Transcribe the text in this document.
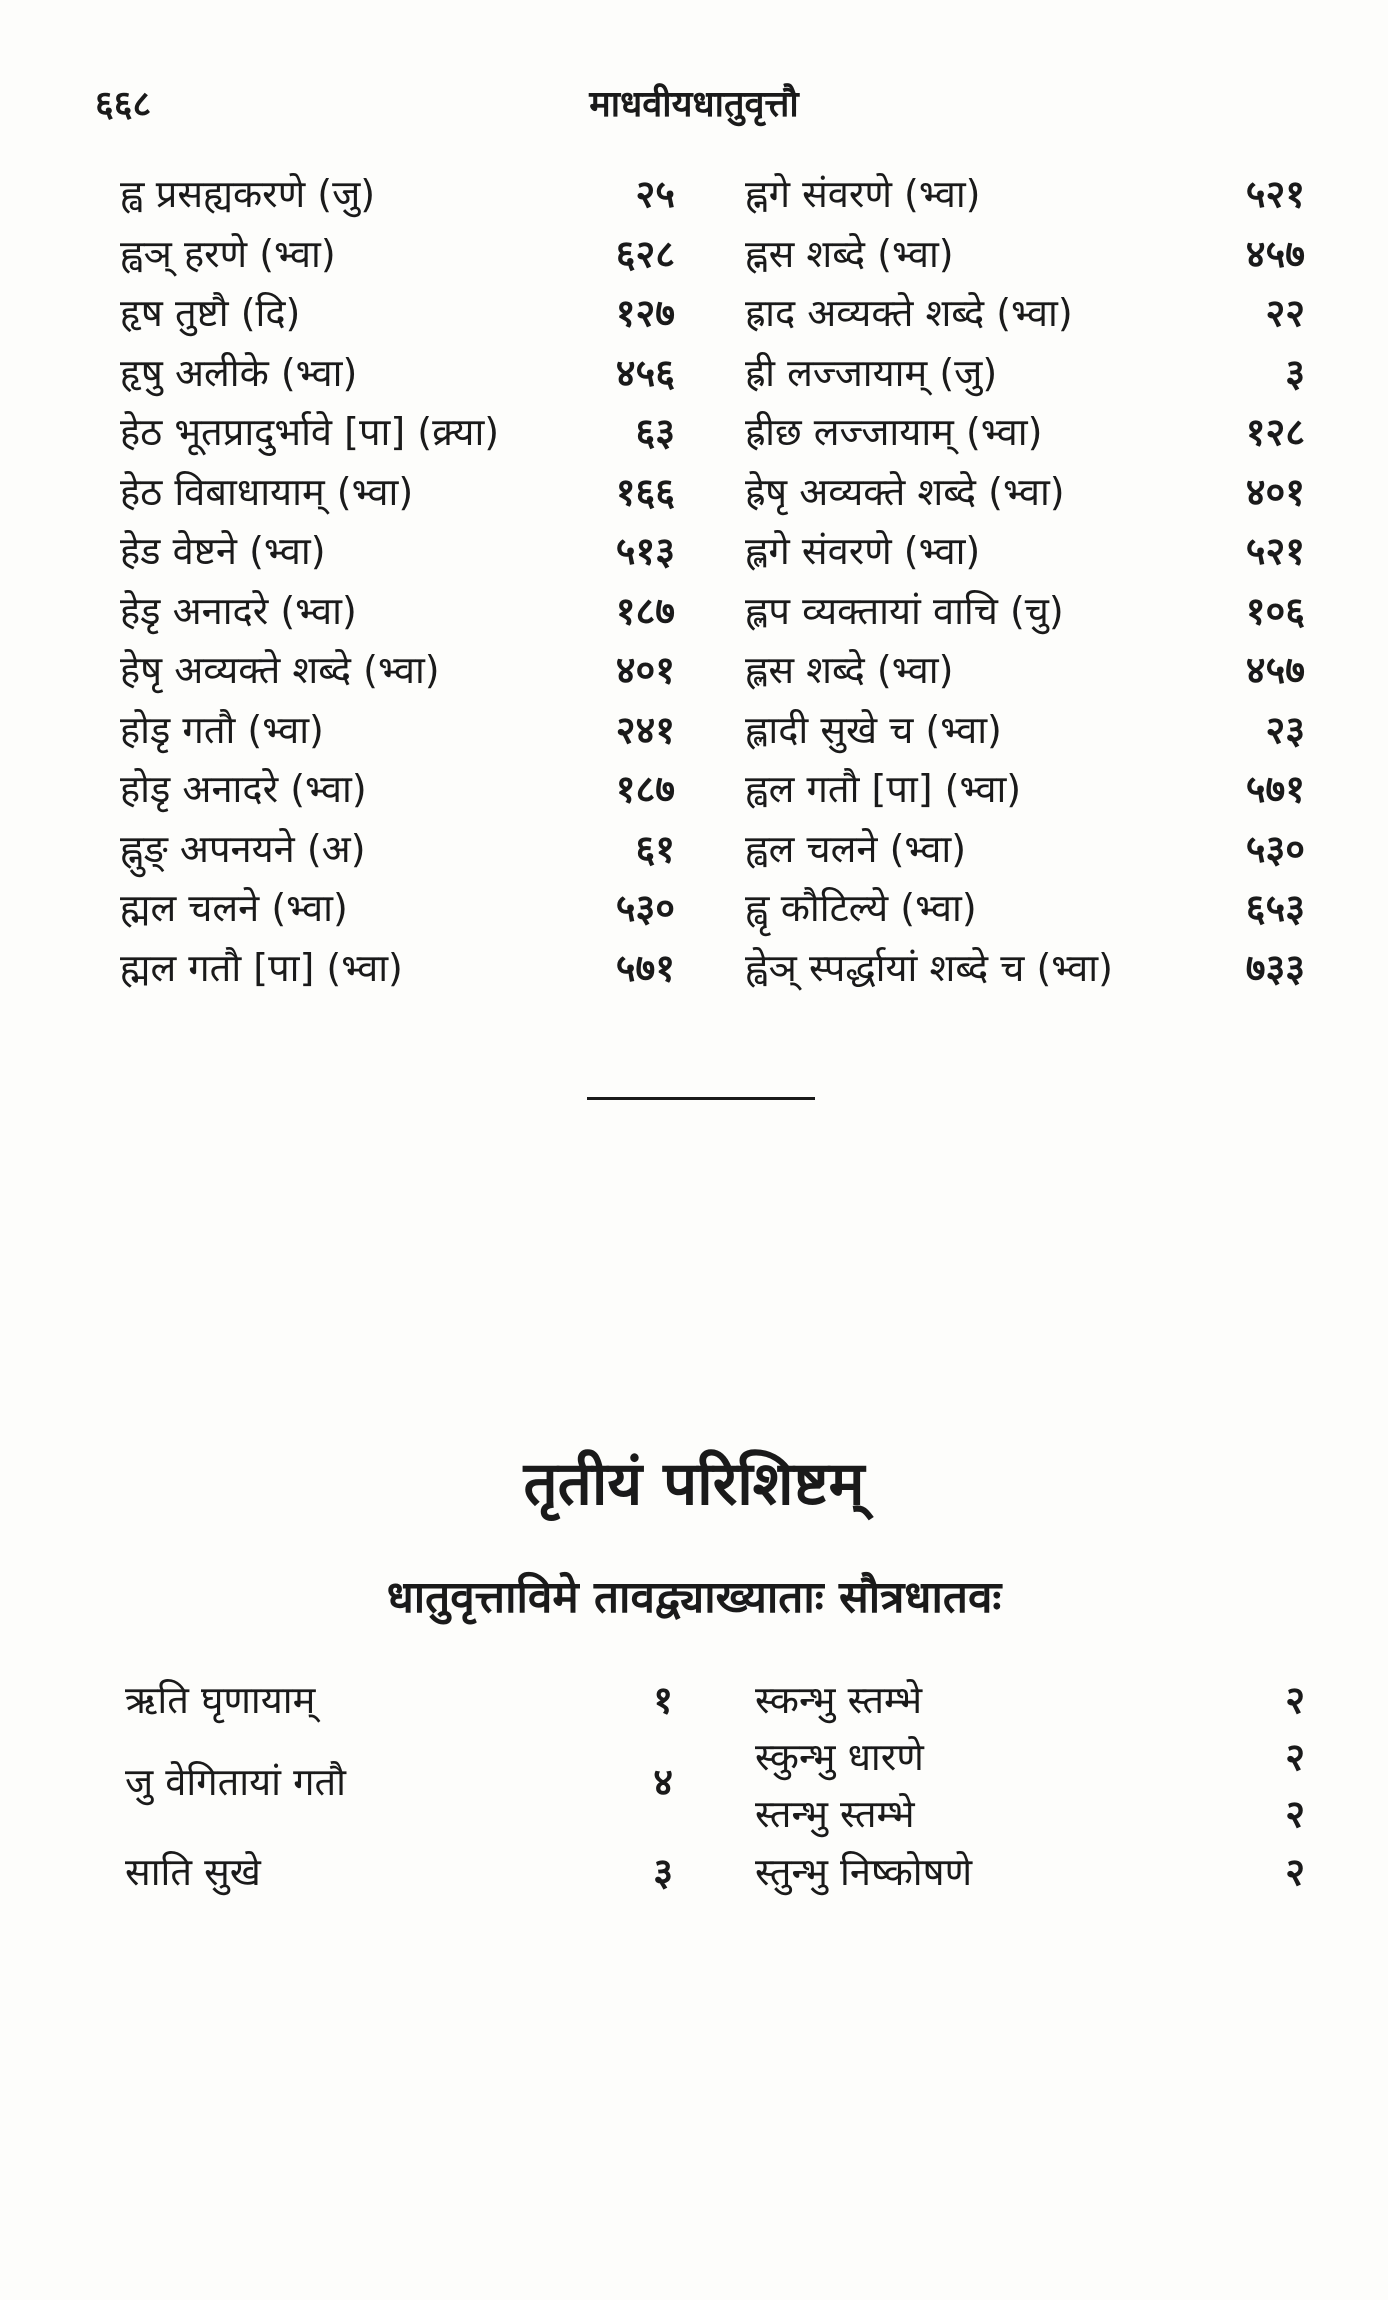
६६८	माधवीयधातुवृत्तौ
ह्व प्रसह्यकरणे (जु)	२५
ह्वञ् हरणे (भ्वा)	६२८
हृष तुष्टौ (दि)	१२७
हृषु अलीके (भ्वा)	४५६
हेठ भूतप्रादुर्भावे [पा] (क्र्या)	६३
हेठ विबाधायाम् (भ्वा)	१६६
हेड वेष्टने (भ्वा)	५१३
हेडृ अनादरे (भ्वा)	१८७
हेषृ अव्यक्ते शब्दे (भ्वा)	४०१
होडृ गतौ (भ्वा)	२४१
होडृ अनादरे (भ्वा)	१८७
ह्नुङ् अपनयने (अ)	६१
ह्मल चलने (भ्वा)	५३०
ह्मल गतौ [पा] (भ्वा)	५७१
ह्नगे संवरणे (भ्वा)	५२१
ह्नस शब्दे (भ्वा)	४५७
ह्राद अव्यक्ते शब्दे (भ्वा)	२२
ह्री लज्जायाम् (जु)	३
ह्रीछ लज्जायाम् (भ्वा)	१२८
ह्रेषृ अव्यक्ते शब्दे (भ्वा)	४०१
ह्लगे संवरणे (भ्वा)	५२१
ह्लप व्यक्तायां वाचि (चु)	१०६
ह्लस शब्दे (भ्वा)	४५७
ह्लादी सुखे च (भ्वा)	२३
ह्वल गतौ [पा] (भ्वा)	५७१
ह्वल चलने (भ्वा)	५३०
ह्वृ कौटिल्ये (भ्वा)	६५३
ह्वेञ् स्पर्द्धायां शब्दे च (भ्वा)	७३३
तृतीयं परिशिष्टम्
धातुवृत्ताविमे तावद्व्याख्याताः सौत्रधातवः
ऋति घृणायाम्	१
जु वेगितायां गतौ	४
साति सुखे	३
स्कन्भु स्तम्भे	२
स्कुन्भु धारणे	२
स्तन्भु स्तम्भे	२
स्तुन्भु निष्कोषणे	२
